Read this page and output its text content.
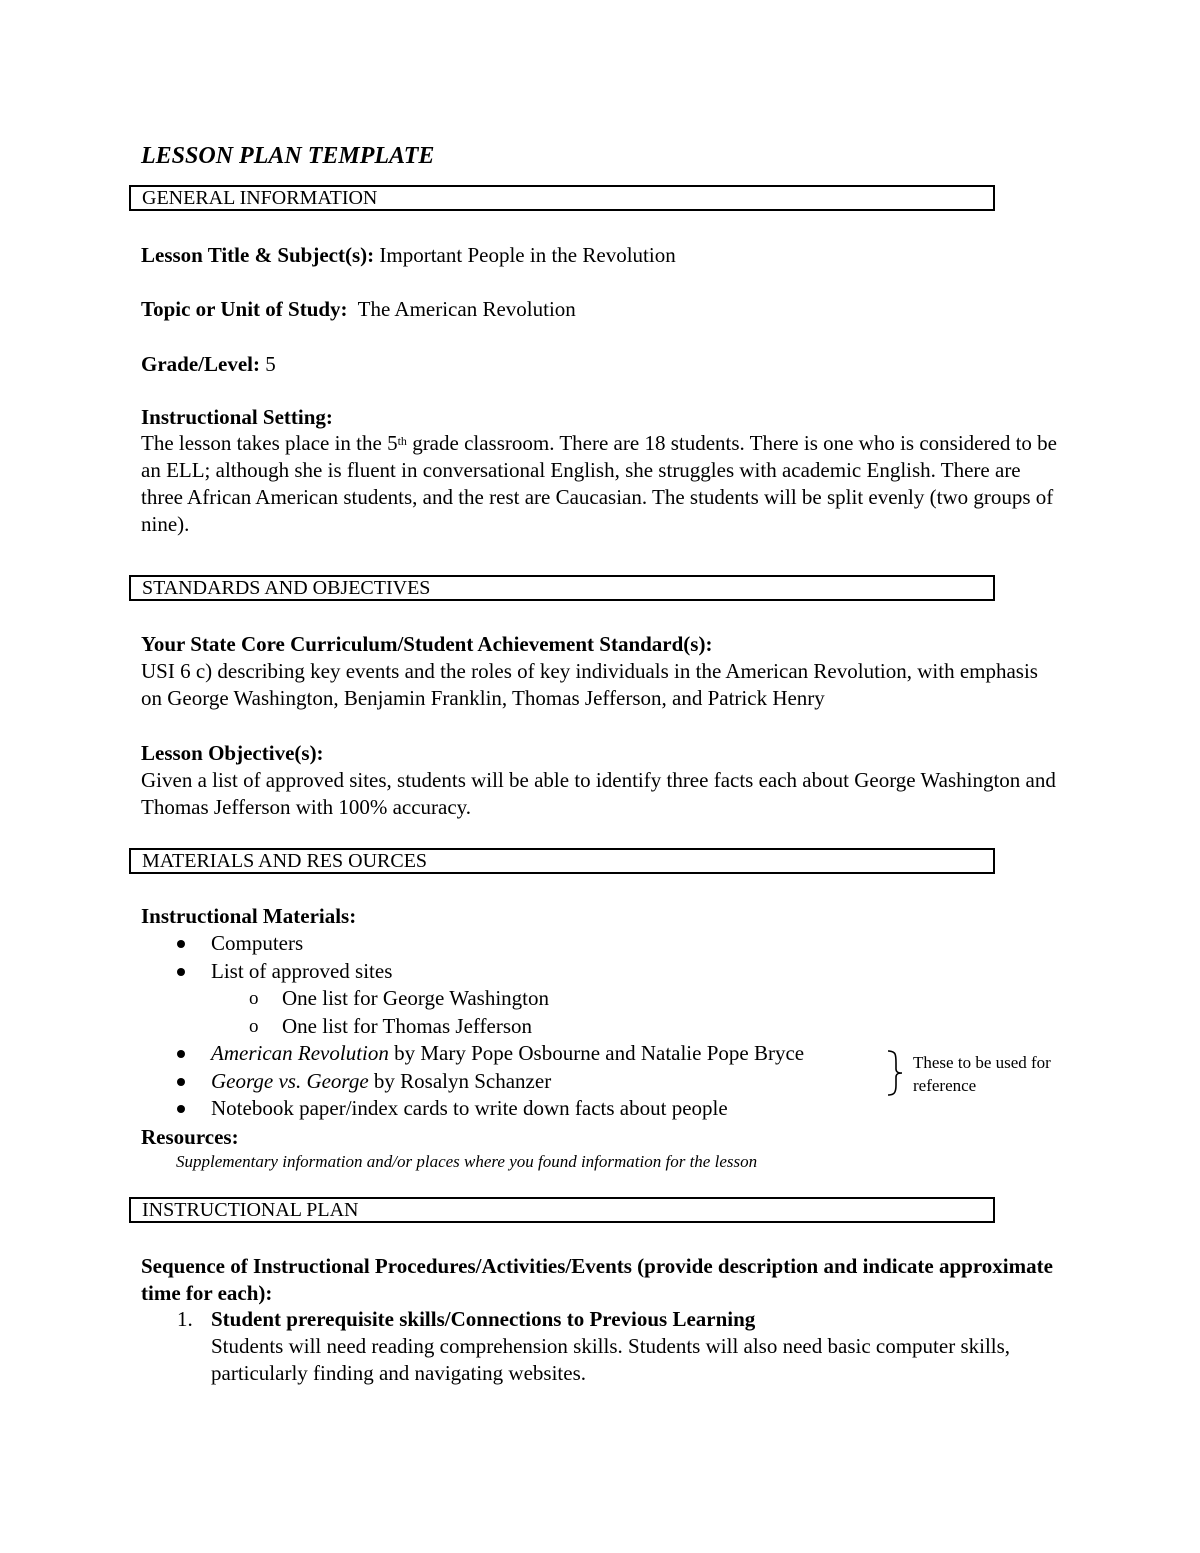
LESSON PLAN TEMPLATE
GENERAL INFORMATION
Lesson Title & Subject(s): Important People in the Revolution
Topic or Unit of Study:  The American Revolution
Grade/Level: 5
Instructional Setting:
The lesson takes place in the 5th grade classroom. There are 18 students. There is one who is considered to be an ELL; although she is fluent in conversational English, she struggles with academic English. There are three African American students, and the rest are Caucasian. The students will be split evenly (two groups of nine).
STANDARDS AND OBJECTIVES
Your State Core Curriculum/Student Achievement Standard(s):
USI 6 c) describing key events and the roles of key individuals in the American Revolution, with emphasis on George Washington, Benjamin Franklin, Thomas Jefferson, and Patrick Henry
Lesson Objective(s):
Given a list of approved sites, students will be able to identify three facts each about George Washington and Thomas Jefferson with 100% accuracy.
MATERIALS AND RES OURCES
Instructional Materials:
Computers
List of approved sites
o One list for George Washington
o One list for Thomas Jefferson
American Revolution by Mary Pope Osbourne and Natalie Pope Bryce
George vs. George by Rosalyn Schanzer
Notebook paper/index cards to write down facts about people
These to be used for reference
Resources:
Supplementary information and/or places where you found information for the lesson
INSTRUCTIONAL PLAN
Sequence of Instructional Procedures/Activities/Events (provide description and indicate approximate time for each):
1. Student prerequisite skills/Connections to Previous Learning
Students will need reading comprehension skills. Students will also need basic computer skills, particularly finding and navigating websites.
